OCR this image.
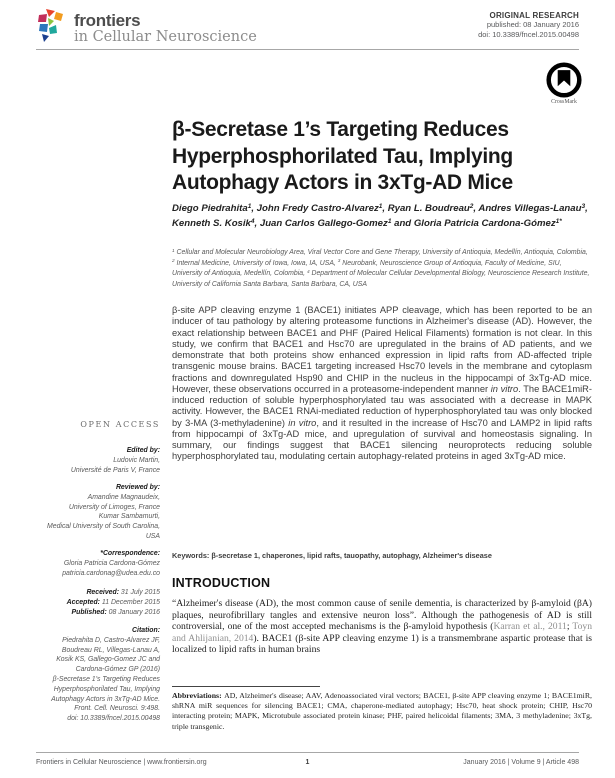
frontiers
in Cellular Neuroscience
ORIGINAL RESEARCH
published: 08 January 2016
doi: 10.3389/fncel.2015.00498
CrossMark
β-Secretase 1’s Targeting Reduces
Hyperphosphorilated Tau, Implying
Autophagy Actors in 3xTg-AD Mice
Diego Piedrahita$^1$, John Fredy Castro-Alvarez$^1$, Ryan L. Boudreau$^2$, Andres Villegas-Lanau$^3$, Kenneth S. Kosik$^4$, Juan Carlos Gallego-Gomez$^1$ and Gloria Patricia Cardona-Gómez$^{1*}$
$^1$ Cellular and Molecular Neurobiology Area, Viral Vector Core and Gene Therapy, University of Antioquia, Medellín, Antioquia, Colombia, $^2$ Internal Medicine, University of Iowa, Iowa, IA, USA, $^3$ Neurobank, Neuroscience Group of Antioquia, Faculty of Medicine, SIU, University of Antioquia, Medellín, Colombia, $^4$ Department of Molecular Cellular Developmental Biology, Neuroscience Research Institute, University of California Santa Barbara, Santa Barbara, CA, USA
β-site APP cleaving enzyme 1 (BACE1) initiates APP cleavage, which has been reported to be an inducer of tau pathology by altering proteasome functions in Alzheimer's disease (AD). However, the exact relationship between BACE1 and PHF (Paired Helical Filaments) formation is not clear. In this study, we confirm that BACE1 and Hsc70 are upregulated in the brains of AD patients, and we demonstrate that both proteins show enhanced expression in lipid rafts from AD-affected triple transgenic mouse brains. BACE1 targeting increased Hsc70 levels in the membrane and cytoplasm fractions and downregulated Hsp90 and CHIP in the nucleus in the hippocampi of 3xTg-AD mice. However, these observations occurred in a proteasome-independent manner in vitro. The BACE1miR-induced reduction of soluble hyperphosphorylated tau was associated with a decrease in MAPK activity. However, the BACE1 RNAi-mediated reduction of hyperphosphorylated tau was only blocked by 3-MA (3-methyladenine) in vitro, and it resulted in the increase of Hsc70 and LAMP2 in lipid rafts from hippocampi of 3xTg-AD mice, and upregulation of survival and homeostasis signaling. In summary, our findings suggest that BACE1 silencing neuroprotects reducing soluble hyperphosphorylated tau, modulating certain autophagy-related proteins in aged 3xTg-AD mice.
Keywords: β-secretase 1, chaperones, lipid rafts, tauopathy, autophagy, Alzheimer's disease
INTRODUCTION
“Alzheimer's disease (AD), the most common cause of senile dementia, is characterized by β-amyloid (βA) plaques, neurofibrillary tangles and extensive neuron loss”. Although the pathogenesis of AD is still controversial, one of the most accepted mechanisms is the β-amyloid hypothesis (Karran et al., 2011; Toyn and Ahlijanian, 2014). BACE1 (β-site APP cleaving enzyme 1) is a transmembrane aspartic protease that is localized to lipid rafts in human brains
Abbreviations: AD, Alzheimer's disease; AAV, Adenoassociated viral vectors; BACE1, β-site APP cleaving enzyme 1; BACE1miR, shRNA miR sequences for silencing BACE1; CMA, chaperone-mediated autophagy; Hsc70, heat shock protein; CHIP, Hsc70 interacting protein; MAPK, Microtubule associated protein kinase; PHF, paired helicoidal filaments; 3MA, 3 methyladenine; 3xTg, triple transgenic.
OPEN ACCESS
Edited by:
Ludovic Martin,
Université de Paris V, France
Reviewed by:
Amandine Magnaudeix,
University of Limoges, France
Kumar Sambamurti,
Medical University of South Carolina,
USA
*Correspondence:
Gloria Patricia Cardona-Gómez
patricia.cardonag@udea.edu.co
Received: 31 July 2015
Accepted: 11 December 2015
Published: 08 January 2016
Citation:
Piedrahita D, Castro-Alvarez JF,
Boudreau RL, Villegas-Lanau A,
Kosik KS, Gallego-Gomez JC and
Cardona-Gómez GP (2016)
β-Secretase 1’s Targeting Reduces
Hyperphosphorilated Tau, Implying
Autophagy Actors in 3xTg-AD Mice.
Front. Cell. Neurosci. 9:498.
doi: 10.3389/fncel.2015.00498
Frontiers in Cellular Neuroscience | www.frontiersin.org	1	January 2016 | Volume 9 | Article 498
